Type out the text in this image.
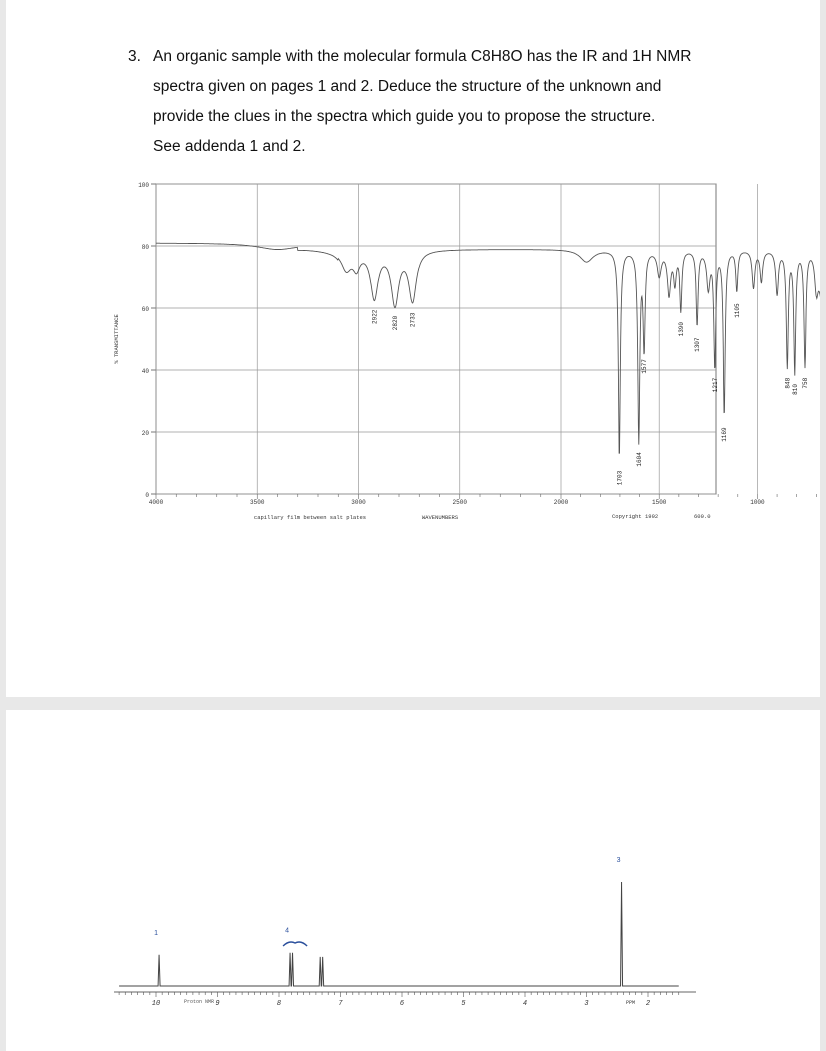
3. An organic sample with the molecular formula C8H8O has the IR and 1H NMR
spectra given on pages 1 and 2. Deduce the structure of the unknown and
provide the clues in the spectra which guide you to propose the structure.
See addenda 1 and 2.
100
80
60
40
20
0
4000	3500	3000	2500	2000	1500	1000
% TRANSMITTANCE
capillary film between salt plates	WAVENUMBERS	Copyright 1992	600.0
2922 2820 2733
1703
1604
1577
1390
1307
1217
1169
1105
848
810
758
10	9	8	7	6	5	4	3	2
Proton NMR	PPM
1	4
3
